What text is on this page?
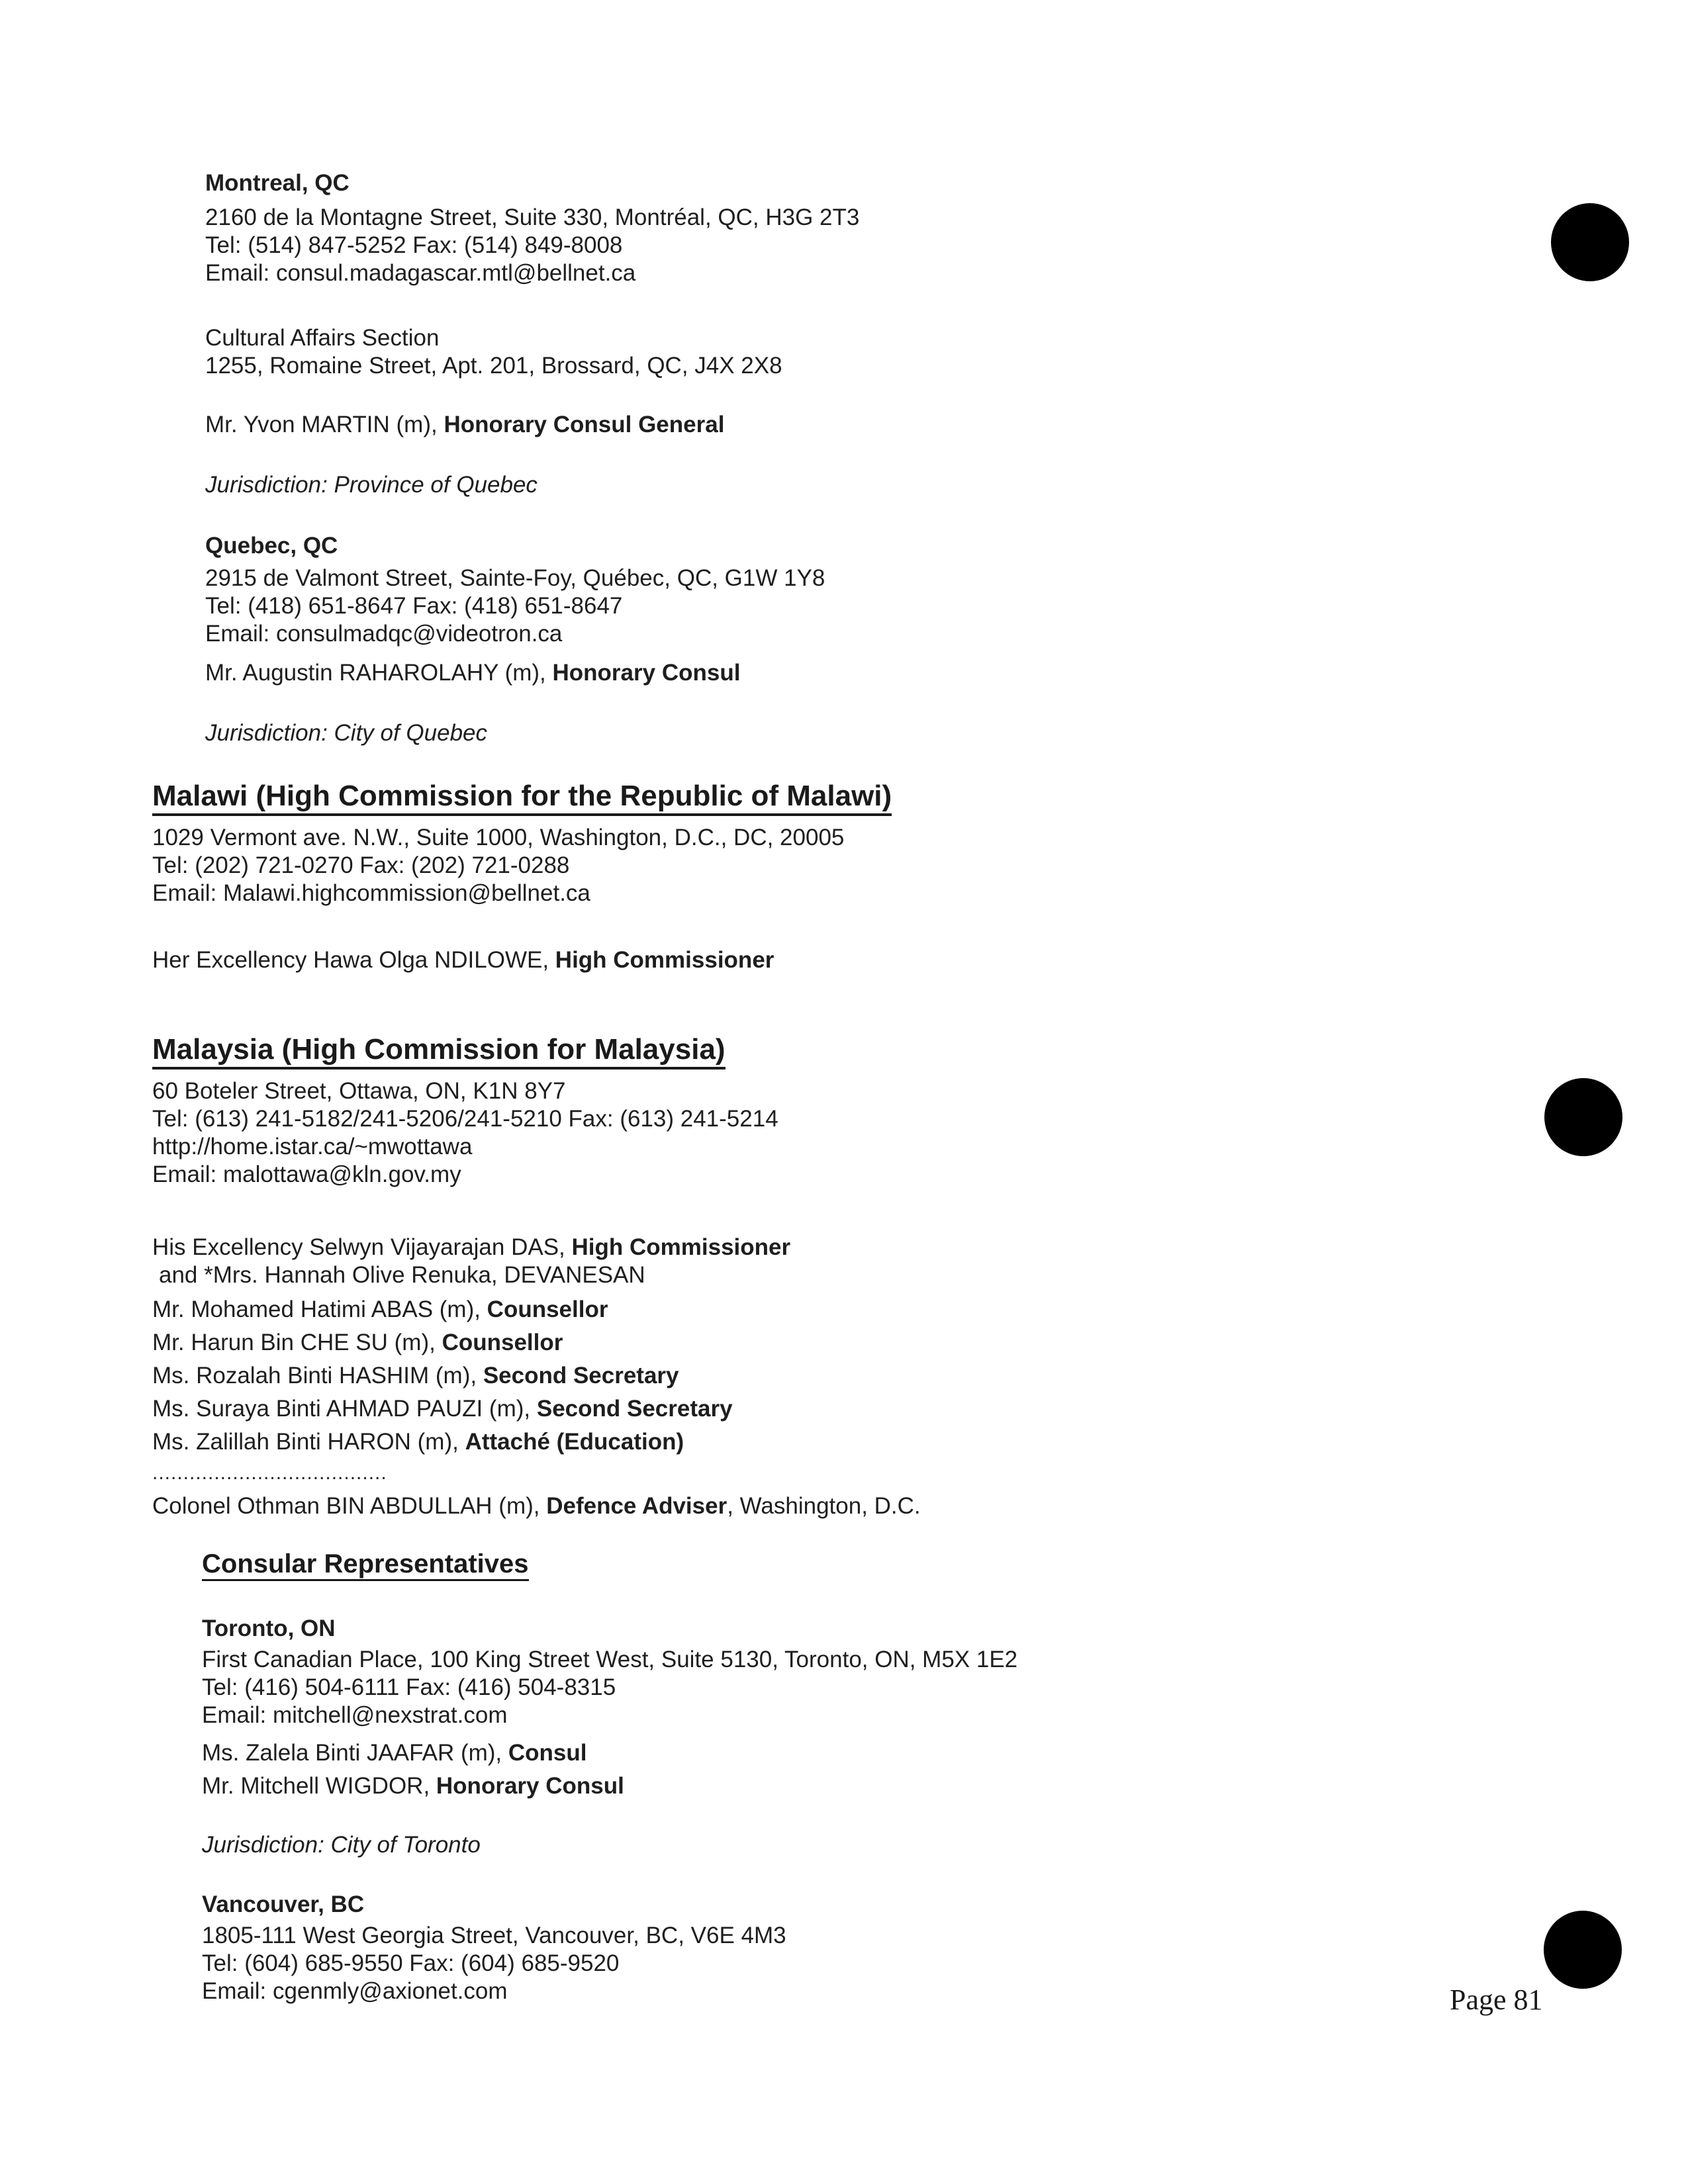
Montreal, QC
2160 de la Montagne Street, Suite 330, Montréal, QC, H3G 2T3
Tel: (514) 847-5252 Fax: (514) 849-8008
Email: consul.madagascar.mtl@bellnet.ca
Cultural Affairs Section
1255, Romaine Street, Apt. 201, Brossard, QC, J4X 2X8
Mr. Yvon MARTIN (m), Honorary Consul General
Jurisdiction: Province of Quebec
Quebec, QC
2915 de Valmont Street, Sainte-Foy, Québec, QC, G1W 1Y8
Tel: (418) 651-8647 Fax: (418) 651-8647
Email: consulmadqc@videotron.ca
Mr. Augustin RAHAROLAHY (m), Honorary Consul
Jurisdiction: City of Quebec
Malawi (High Commission for the Republic of Malawi)
1029 Vermont ave. N.W., Suite 1000, Washington, D.C., DC, 20005
Tel: (202) 721-0270 Fax: (202) 721-0288
Email: Malawi.highcommission@bellnet.ca
Her Excellency Hawa Olga NDILOWE, High Commissioner
Malaysia (High Commission for Malaysia)
60 Boteler Street, Ottawa, ON, K1N 8Y7
Tel: (613) 241-5182/241-5206/241-5210 Fax: (613) 241-5214
http://home.istar.ca/~mwottawa
Email: malottawa@kln.gov.my
His Excellency Selwyn Vijayarajan DAS, High Commissioner
and *Mrs. Hannah Olive Renuka, DEVANESAN
Mr. Mohamed Hatimi ABAS (m), Counsellor
Mr. Harun Bin CHE SU (m), Counsellor
Ms. Rozalah Binti HASHIM (m), Second Secretary
Ms. Suraya Binti AHMAD PAUZI (m), Second Secretary
Ms. Zalillah Binti HARON (m), Attaché (Education)
......................................
Colonel Othman BIN ABDULLAH (m), Defence Adviser, Washington, D.C.
Consular Representatives
Toronto, ON
First Canadian Place, 100 King Street West, Suite 5130, Toronto, ON, M5X 1E2
Tel: (416) 504-6111 Fax: (416) 504-8315
Email: mitchell@nexstrat.com
Ms. Zalela Binti JAAFAR (m), Consul
Mr. Mitchell WIGDOR, Honorary Consul
Jurisdiction: City of Toronto
Vancouver, BC
1805-111 West Georgia Street, Vancouver, BC, V6E 4M3
Tel: (604) 685-9550 Fax: (604) 685-9520
Email: cgenmly@axionet.com	Page 81
